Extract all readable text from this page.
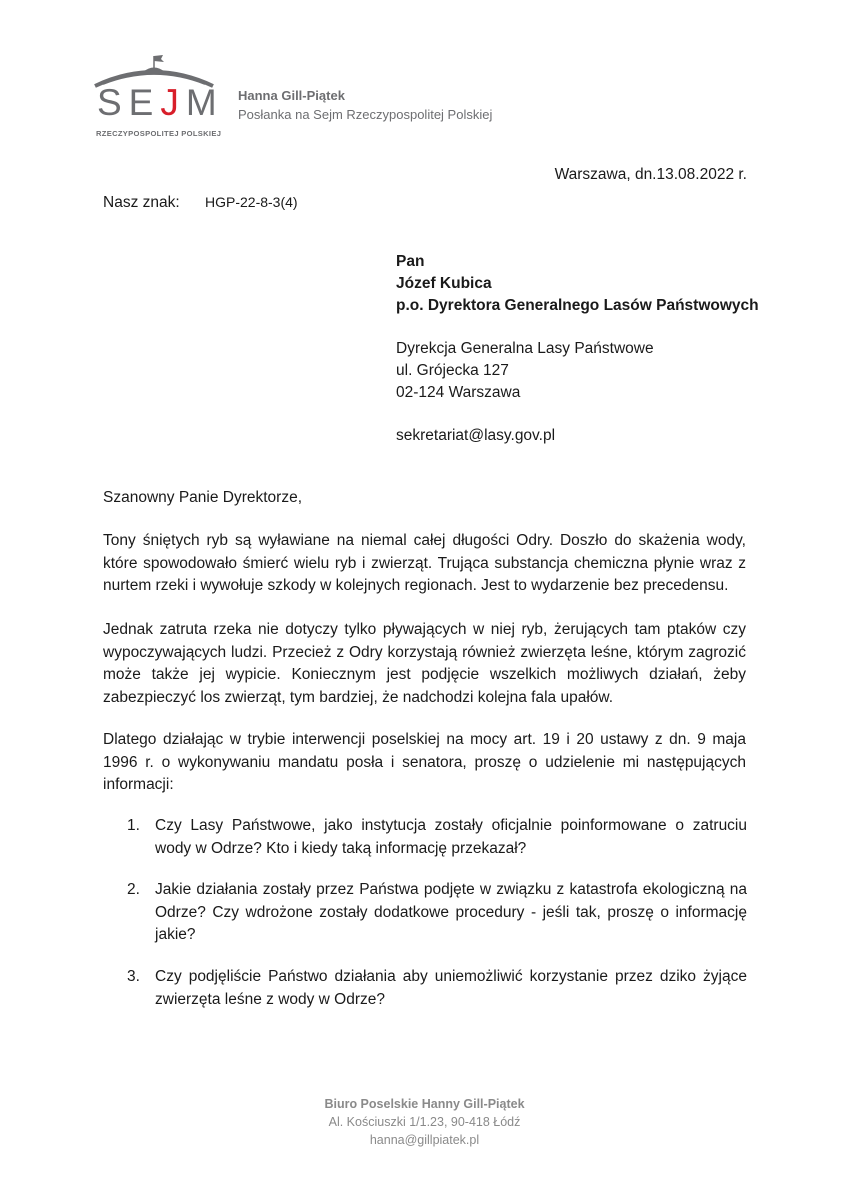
SEJM
RZECZYPOSPOLITEJ POLSKIEJ
Hanna Gill-Piątek
Posłanka na Sejm Rzeczypospolitej Polskiej
Warszawa, dn.13.08.2022 r.
Nasz znak: HGP-22-8-3(4)
Pan
Józef Kubica
p.o. Dyrektora Generalnego Lasów Państwowych
Dyrekcja Generalna Lasy Państwowe
ul. Grójecka 127
02-124 Warszawa
sekretariat@lasy.gov.pl
Szanowny Panie Dyrektorze,
Tony śniętych ryb są wyławiane na niemal całej długości Odry. Doszło do skażenia wody, które spowodowało śmierć wielu ryb i zwierząt. Trująca substancja chemiczna płynie wraz z nurtem rzeki i wywołuje szkody w kolejnych regionach. Jest to wydarzenie bez precedensu.
Jednak zatruta rzeka nie dotyczy tylko pływających w niej ryb, żerujących tam ptaków czy wypoczywających ludzi. Przecież z Odry korzystają również zwierzęta leśne, którym zagrozić może także jej wypicie. Koniecznym jest podjęcie wszelkich możliwych działań, żeby zabezpieczyć los zwierząt, tym bardziej, że nadchodzi kolejna fala upałów.
Dlatego działając w trybie interwencji poselskiej na mocy art. 19 i 20 ustawy z dn. 9 maja 1996 r. o wykonywaniu mandatu posła i senatora, proszę o udzielenie mi następujących informacji:
1. Czy Lasy Państwowe, jako instytucja zostały oficjalnie poinformowane o zatruciu wody w Odrze? Kto i kiedy taką informację przekazał?
2. Jakie działania zostały przez Państwa podjęte w związku z katastrofa ekologiczną na Odrze? Czy wdrożone zostały dodatkowe procedury - jeśli tak, proszę o informację jakie?
3. Czy podjęliście Państwo działania aby uniemożliwić korzystanie przez dziko żyjące zwierzęta leśne z wody w Odrze?
Biuro Poselskie Hanny Gill-Piątek
Al. Kościuszki 1/1.23, 90-418 Łódź
hanna@gillpiatek.pl
